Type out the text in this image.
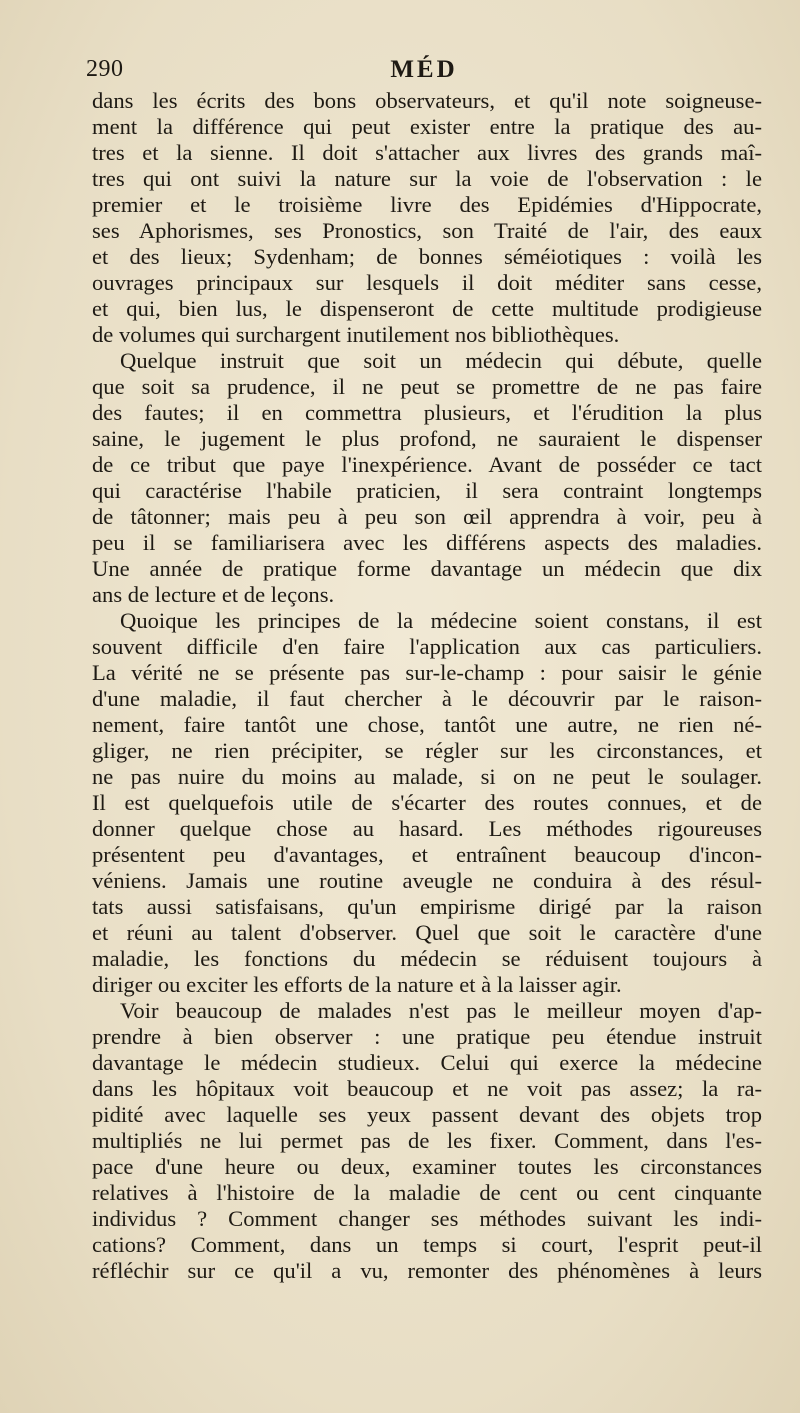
290	MÉD
dans les écrits des bons observateurs, et qu'il note soigneuse-
ment la différence qui peut exister entre la pratique des au-
tres et la sienne. Il doit s'attacher aux livres des grands maî-
tres qui ont suivi la nature sur la voie de l'observation : le
premier et le troisième livre des Epidémies d'Hippocrate,
ses Aphorismes, ses Pronostics, son Traité de l'air, des eaux
et des lieux; Sydenham; de bonnes séméiotiques : voilà les
ouvrages principaux sur lesquels il doit méditer sans cesse,
et qui, bien lus, le dispenseront de cette multitude prodigieuse
de volumes qui surchargent inutilement nos bibliothèques.
Quelque instruit que soit un médecin qui débute, quelle
que soit sa prudence, il ne peut se promettre de ne pas faire
des fautes; il en commettra plusieurs, et l'érudition la plus
saine, le jugement le plus profond, ne sauraient le dispenser
de ce tribut que paye l'inexpérience. Avant de posséder ce tact
qui caractérise l'habile praticien, il sera contraint longtemps
de tâtonner; mais peu à peu son œil apprendra à voir, peu à
peu il se familiarisera avec les différens aspects des maladies.
Une année de pratique forme davantage un médecin que dix
ans de lecture et de leçons.
Quoique les principes de la médecine soient constans, il est
souvent difficile d'en faire l'application aux cas particuliers.
La vérité ne se présente pas sur-le-champ : pour saisir le génie
d'une maladie, il faut chercher à le découvrir par le raison-
nement, faire tantôt une chose, tantôt une autre, ne rien né-
gliger, ne rien précipiter, se régler sur les circonstances, et
ne pas nuire du moins au malade, si on ne peut le soulager.
Il est quelquefois utile de s'écarter des routes connues, et de
donner quelque chose au hasard. Les méthodes rigoureuses
présentent peu d'avantages, et entraînent beaucoup d'incon-
véniens. Jamais une routine aveugle ne conduira à des résul-
tats aussi satisfaisans, qu'un empirisme dirigé par la raison
et réuni au talent d'observer. Quel que soit le caractère d'une
maladie, les fonctions du médecin se réduisent toujours à
diriger ou exciter les efforts de la nature et à la laisser agir.
Voir beaucoup de malades n'est pas le meilleur moyen d'ap-
prendre à bien observer : une pratique peu étendue instruit
davantage le médecin studieux. Celui qui exerce la médecine
dans les hôpitaux voit beaucoup et ne voit pas assez; la ra-
pidité avec laquelle ses yeux passent devant des objets trop
multipliés ne lui permet pas de les fixer. Comment, dans l'es-
pace d'une heure ou deux, examiner toutes les circonstances
relatives à l'histoire de la maladie de cent ou cent cinquante
individus ? Comment changer ses méthodes suivant les indi-
cations? Comment, dans un temps si court, l'esprit peut-il
réfléchir sur ce qu'il a vu, remonter des phénomènes à leurs
